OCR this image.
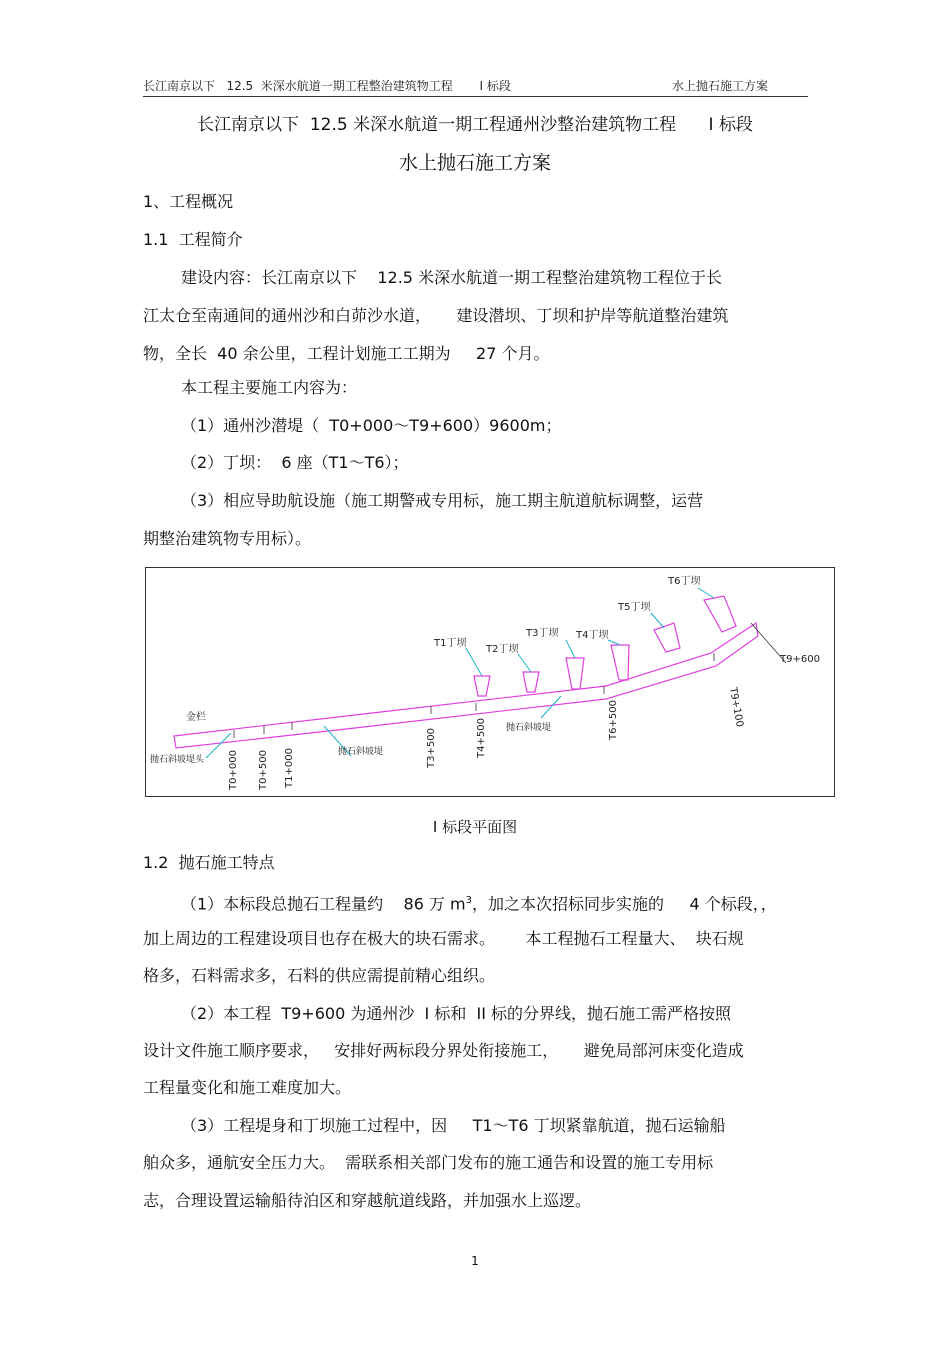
长江南京以下   12.5  米深水航道一期工程整治建筑物工程       I 标段	水上抛石施工方案
长江南京以下  12.5 米深水航道一期工程通州沙整治建筑物工程      I 标段
水上抛石施工方案
1、工程概况
1.1  工程简介
建设内容：长江南京以下    12.5 米深水航道一期工程整治建筑物工程位于长
江太仓至南通间的通州沙和白茆沙水道，     建设潜坝、丁坝和护岸等航道整治建筑
物，全长  40 余公里，工程计划施工工期为     27 个月。
本工程主要施工内容为：
（1）通州沙潜堤（  T0+000～T9+600）9600m；
（2）丁坝：  6 座（T1～T6）；
（3）相应导助航设施（施工期警戒专用标，施工期主航道航标调整，运营
期整治建筑物专用标）。
金栏
抛石斜坡堤头
抛石斜坡堤
抛石斜坡堤
T1丁坝
T2丁坝
T3丁坝 T4丁坝
T5丁坝
T6丁坝
T0+000 T0+500 T1+000
T3+500	T4+500	T6+500	T9+100
T9+600
I 标段平面图
1.2  抛石施工特点
（1）本标段总抛石工程量约    86 万 $m^3$，加之本次招标同步实施的     4 个标段，，
加上周边的工程建设项目也存在极大的块石需求。      本工程抛石工程量大、  块石规
格多，石料需求多，石料的供应需提前精心组织。
（2）本工程  T9+600 为通州沙  I 标和  II 标的分界线，抛石施工需严格按照
设计文件施工顺序要求，   安排好两标段分界处衔接施工，     避免局部河床变化造成
工程量变化和施工难度加大。
（3）工程堤身和丁坝施工过程中，因     T1～T6 丁坝紧靠航道，抛石运输船
舶众多，通航安全压力大。  需联系相关部门发布的施工通告和设置的施工专用标
志，合理设置运输船待泊区和穿越航道线路，并加强水上巡逻。
1
